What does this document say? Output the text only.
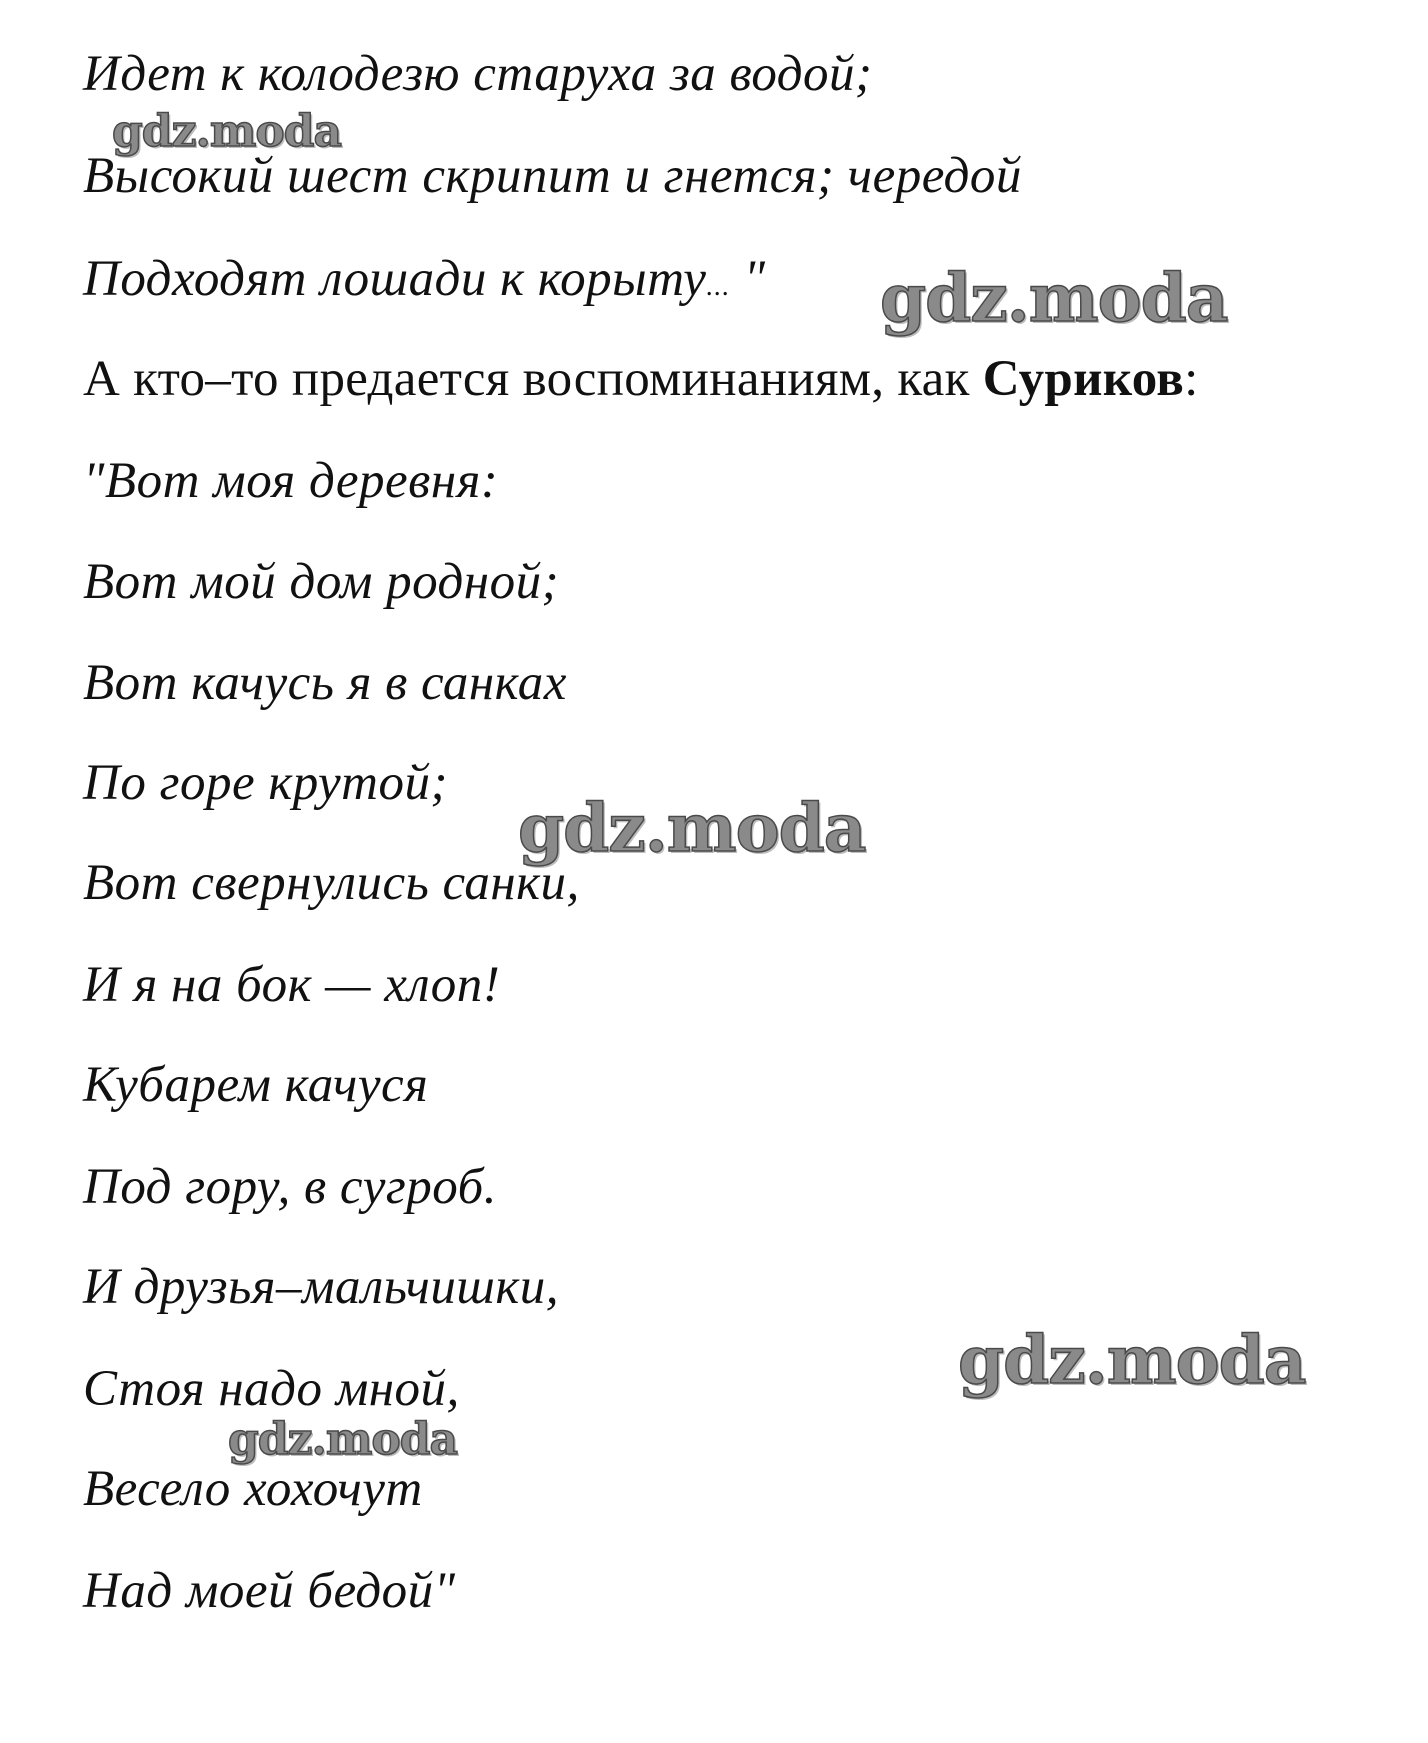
Идет к колодезю старуха за водой;
Высокий шест скрипит и гнется; чередой
Подходят лошади к корыту... "
А кто–то предается воспоминаниям, как Суриков:
"Вот моя деревня:
Вот мой дом родной;
Вот качусь я в санках
По горе крутой;
Вот свернулись санки,
И я на бок — хлоп!
Кубарем качуся
Под гору, в сугроб.
И друзья–мальчишки,
Стоя надо мной,
Весело хохочут
Над моей бедой"
gdz.moda
gdz.moda
gdz.moda
gdz.moda
gdz.moda
